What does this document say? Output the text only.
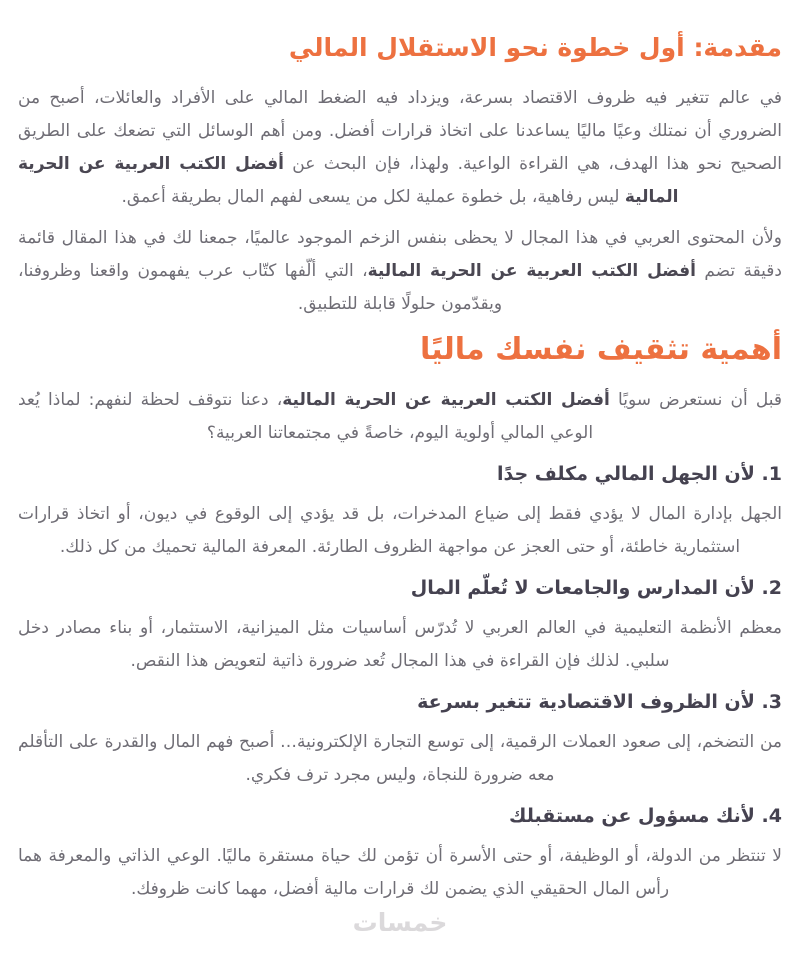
مقدمة: أول خطوة نحو الاستقلال المالي

في عالم تتغير فيه ظروف الاقتصاد بسرعة، ويزداد فيه الضغط المالي على الأفراد والعائلات، أصبح من الضروري أن نمتلك وعيًا ماليًا يساعدنا على اتخاذ قرارات أفضل. ومن أهم الوسائل التي تضعك على الطريق الصحيح نحو هذا الهدف، هي القراءة الواعية. ولهذا، فإن البحث عن أفضل الكتب العربية عن الحرية المالية ليس رفاهية، بل خطوة عملية لكل من يسعى لفهم المال بطريقة أعمق.

ولأن المحتوى العربي في هذا المجال لا يحظى بنفس الزخم الموجود عالميًا، جمعنا لك في هذا المقال قائمة دقيقة تضم أفضل الكتب العربية عن الحرية المالية، التي ألّفها كتّاب عرب يفهمون واقعنا وظروفنا، ويقدّمون حلولًا قابلة للتطبيق.

أهمية تثقيف نفسك ماليًا

قبل أن نستعرض سويًا أفضل الكتب العربية عن الحرية المالية، دعنا نتوقف لحظة لنفهم: لماذا يُعد الوعي المالي أولوية اليوم، خاصةً في مجتمعاتنا العربية؟

1. لأن الجهل المالي مكلف جدًا

الجهل بإدارة المال لا يؤدي فقط إلى ضياع المدخرات، بل قد يؤدي إلى الوقوع في ديون، أو اتخاذ قرارات استثمارية خاطئة، أو حتى العجز عن مواجهة الظروف الطارئة. المعرفة المالية تحميك من كل ذلك.

2. لأن المدارس والجامعات لا تُعلّم المال

معظم الأنظمة التعليمية في العالم العربي لا تُدرّس أساسيات مثل الميزانية، الاستثمار، أو بناء مصادر دخل سلبي. لذلك فإن القراءة في هذا المجال تُعد ضرورة ذاتية لتعويض هذا النقص.

3. لأن الظروف الاقتصادية تتغير بسرعة

من التضخم، إلى صعود العملات الرقمية، إلى توسع التجارة الإلكترونية… أصبح فهم المال والقدرة على التأقلم معه ضرورة للنجاة، وليس مجرد ترف فكري.

4. لأنك مسؤول عن مستقبلك

لا تنتظر من الدولة، أو الوظيفة، أو حتى الأسرة أن تؤمن لك حياة مستقرة ماليًا. الوعي الذاتي والمعرفة هما رأس المال الحقيقي الذي يضمن لك قرارات مالية أفضل، مهما كانت ظروفك.

خمسات
